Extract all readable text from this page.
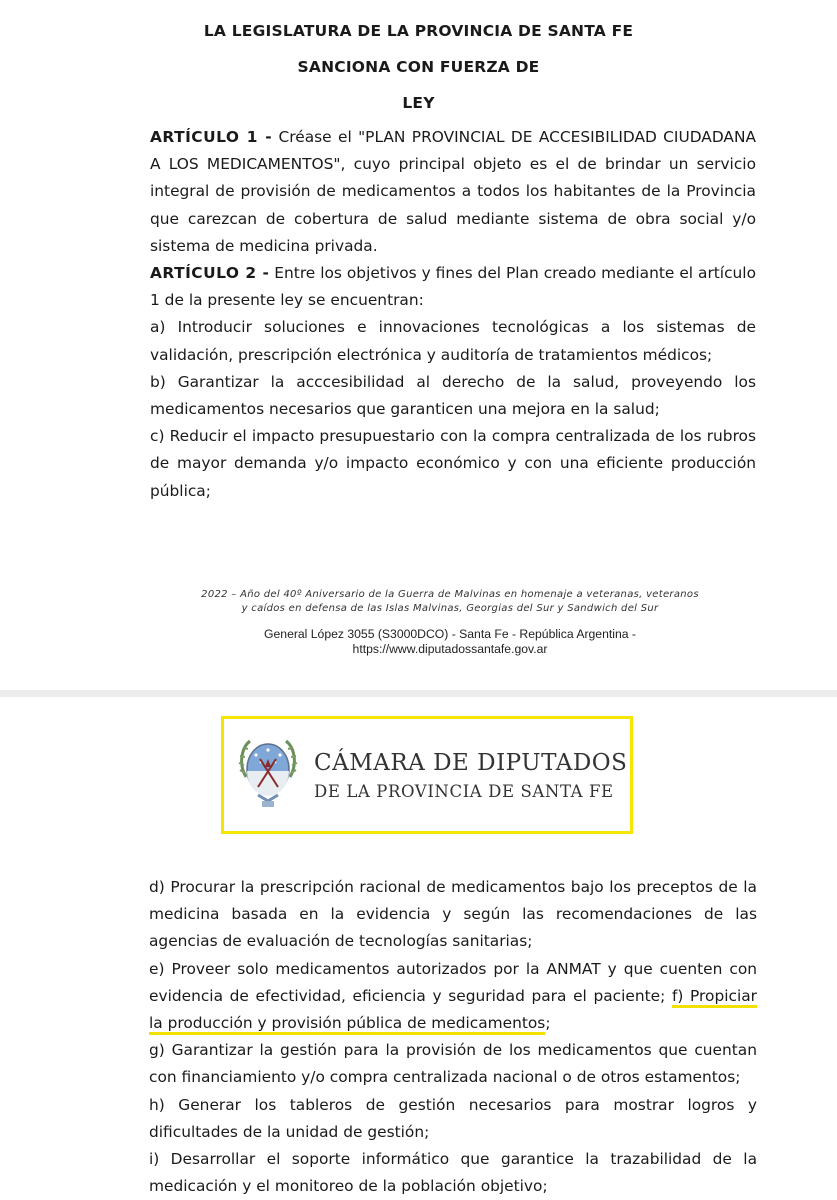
LA LEGISLATURA DE LA PROVINCIA DE SANTA FE
SANCIONA CON FUERZA DE
LEY

ARTÍCULO 1 - Créase el "PLAN PROVINCIAL DE ACCESIBILIDAD CIUDADANA A LOS MEDICAMENTOS", cuyo principal objeto es el de brindar un servicio integral de provisión de medicamentos a todos los habitantes de la Provincia que carezcan de cobertura de salud mediante sistema de obra social y/o sistema de medicina privada.

ARTÍCULO 2 - Entre los objetivos y fines del Plan creado mediante el artículo 1 de la presente ley se encuentran:

a) Introducir soluciones e innovaciones tecnológicas a los sistemas de validación, prescripción electrónica y auditoría de tratamientos médicos;

b) Garantizar la acccesibilidad al derecho de la salud, proveyendo los medicamentos necesarios que garanticen una mejora en la salud;

c) Reducir el impacto presupuestario con la compra centralizada de los rubros de mayor demanda y/o impacto económico y con una eficiente producción pública;

2022 – Año del 40º Aniversario de la Guerra de Malvinas en homenaje a veteranas, veteranos
y caídos en defensa de las Islas Malvinas, Georgias del Sur y Sandwich del Sur
General López 3055 (S3000DCO) - Santa Fe - República Argentina -
https://www.diputadossantafe.gov.ar
CÁMARA DE DIPUTADOS
DE LA PROVINCIA DE SANTA FE

d) Procurar la prescripción racional de medicamentos bajo los preceptos de la medicina basada en la evidencia y según las recomendaciones de las agencias de evaluación de tecnologías sanitarias;

e) Proveer solo medicamentos autorizados por la ANMAT y que cuenten con evidencia de efectividad, eficiencia y seguridad para el paciente; f) Propiciar la producción y provisión pública de medicamentos;

g) Garantizar la gestión para la provisión de los medicamentos que cuentan con financiamiento y/o compra centralizada nacional o de otros estamentos;

h) Generar los tableros de gestión necesarios para mostrar logros y dificultades de la unidad de gestión;

i) Desarrollar el soporte informático que garantice la trazabilidad de la medicación y el monitoreo de la población objetivo;
